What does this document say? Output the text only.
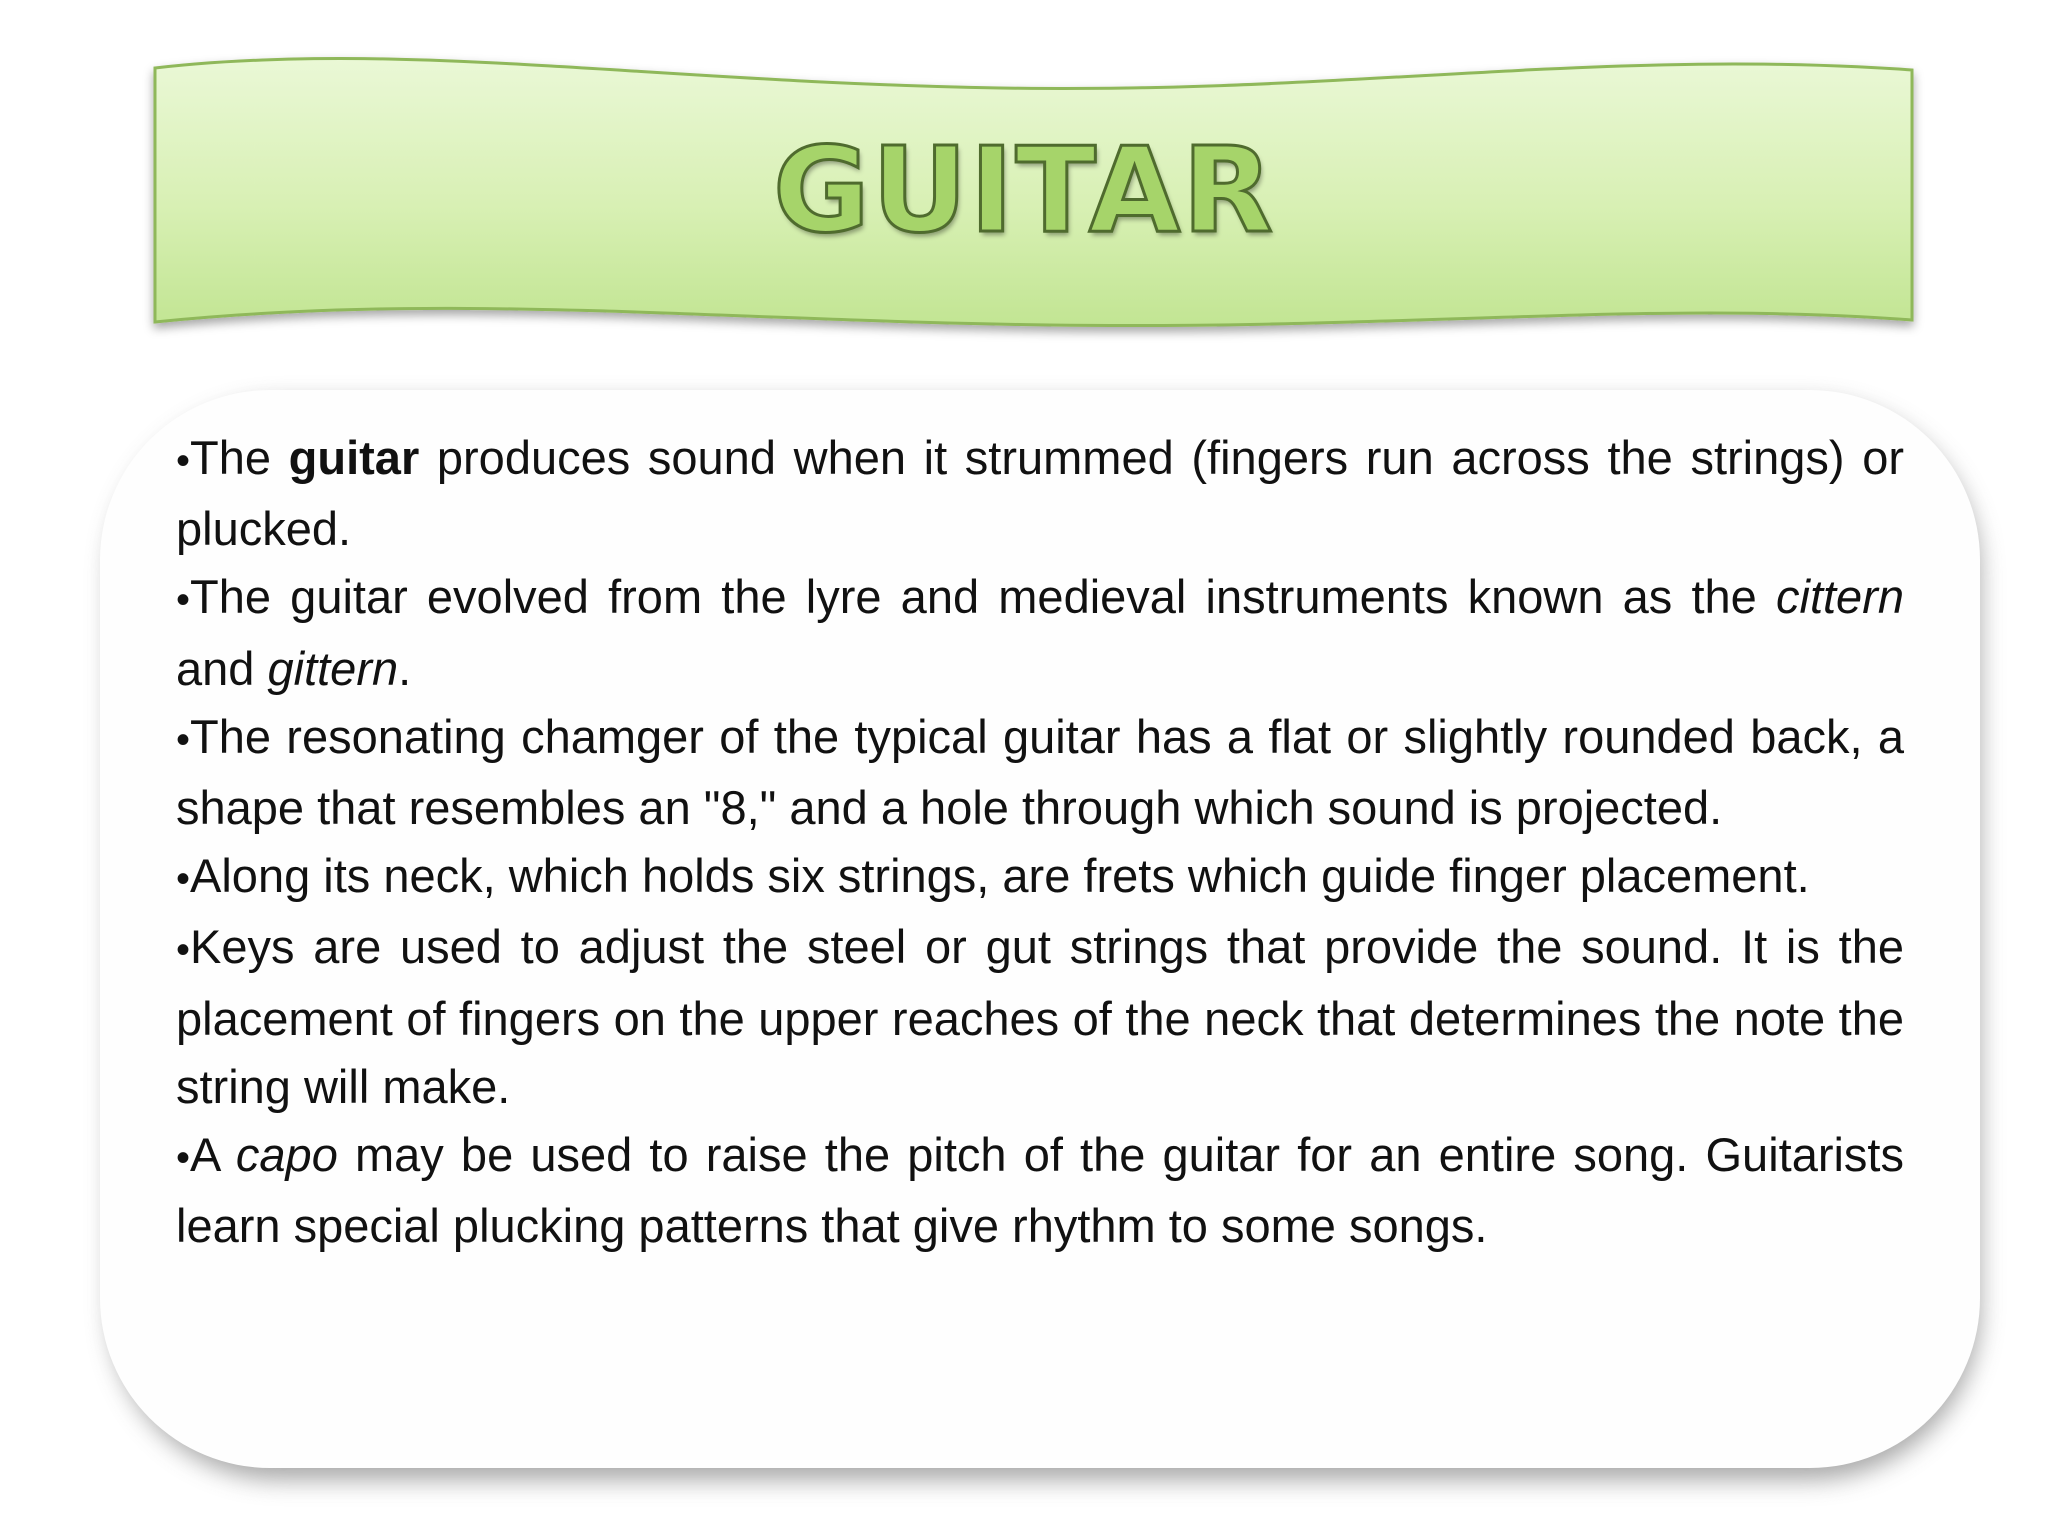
GUITAR

•The guitar produces sound when it strummed (fingers run across the strings) or plucked.

•The guitar evolved from the lyre and medieval instruments known as the cittern and gittern.

•The resonating chamger of the typical guitar has a flat or slightly rounded back, a shape that resembles an "8," and a hole through which sound is projected.

•Along its neck, which holds six strings, are frets which guide finger placement.

•Keys are used to adjust the steel or gut strings that provide the sound. It is the placement of fingers on the upper reaches of the neck that determines the note the string will make.

•A capo may be used to raise the pitch of the guitar for an entire song. Guitarists learn special plucking patterns that give rhythm to some songs.
